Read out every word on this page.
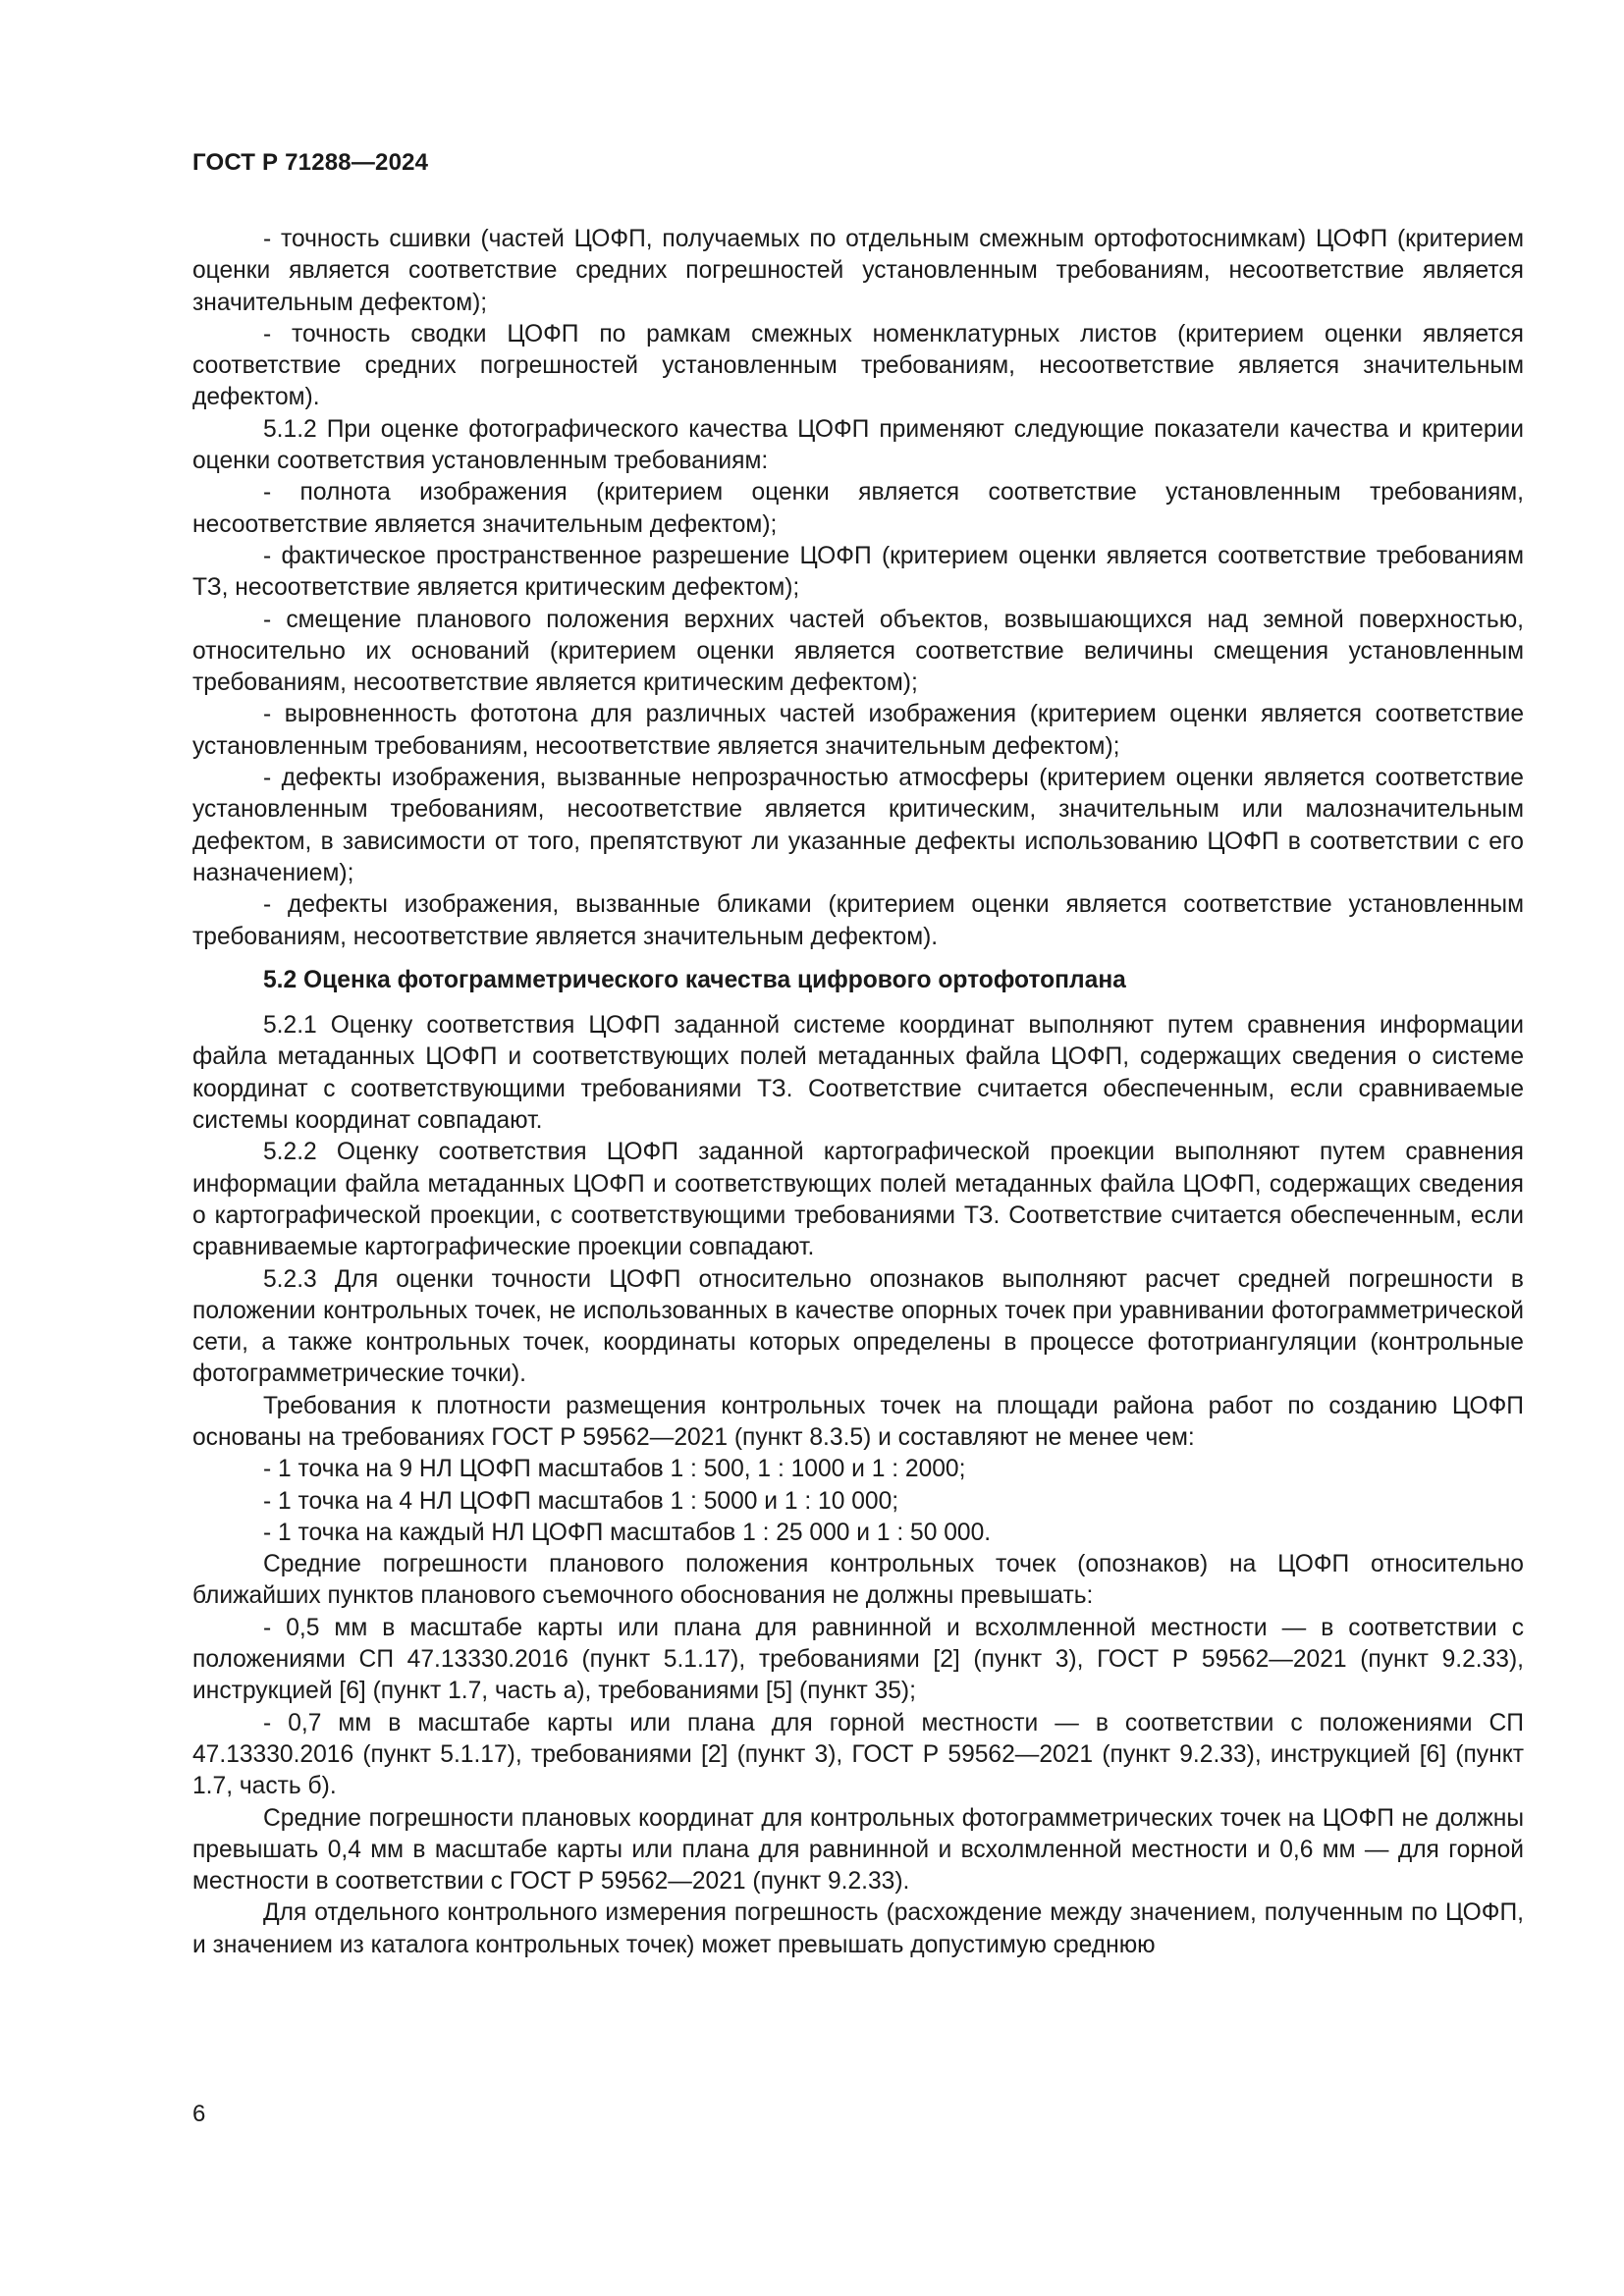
ГОСТ Р 71288—2024

- точность сшивки (частей ЦОФП, получаемых по отдельным смежным ортофотоснимкам) ЦОФП (критерием оценки является соответствие средних погрешностей установленным требованиям, несоответствие является значительным дефектом);

- точность сводки ЦОФП по рамкам смежных номенклатурных листов (критерием оценки является соответствие средних погрешностей установленным требованиям, несоответствие является значительным дефектом).

5.1.2 При оценке фотографического качества ЦОФП применяют следующие показатели качества и критерии оценки соответствия установленным требованиям:

- полнота изображения (критерием оценки является соответствие установленным требованиям, несоответствие является значительным дефектом);

- фактическое пространственное разрешение ЦОФП (критерием оценки является соответствие требованиям ТЗ, несоответствие является критическим дефектом);

- смещение планового положения верхних частей объектов, возвышающихся над земной поверхностью, относительно их оснований (критерием оценки является соответствие величины смещения установленным требованиям, несоответствие является критическим дефектом);

- выровненность фототона для различных частей изображения (критерием оценки является соответствие установленным требованиям, несоответствие является значительным дефектом);

- дефекты изображения, вызванные непрозрачностью атмосферы (критерием оценки является соответствие установленным требованиям, несоответствие является критическим, значительным или малозначительным дефектом, в зависимости от того, препятствуют ли указанные дефекты использованию ЦОФП в соответствии с его назначением);

- дефекты изображения, вызванные бликами (критерием оценки является соответствие установленным требованиям, несоответствие является значительным дефектом).

5.2 Оценка фотограмметрического качества цифрового ортофотоплана

5.2.1 Оценку соответствия ЦОФП заданной системе координат выполняют путем сравнения информации файла метаданных ЦОФП и соответствующих полей метаданных файла ЦОФП, содержащих сведения о системе координат с соответствующими требованиями ТЗ. Соответствие считается обеспеченным, если сравниваемые системы координат совпадают.

5.2.2 Оценку соответствия ЦОФП заданной картографической проекции выполняют путем сравнения информации файла метаданных ЦОФП и соответствующих полей метаданных файла ЦОФП, содержащих сведения о картографической проекции, с соответствующими требованиями ТЗ. Соответствие считается обеспеченным, если сравниваемые картографические проекции совпадают.

5.2.3 Для оценки точности ЦОФП относительно опознаков выполняют расчет средней погрешности в положении контрольных точек, не использованных в качестве опорных точек при уравнивании фотограмметрической сети, а также контрольных точек, координаты которых определены в процессе фототриангуляции (контрольные фотограмметрические точки).

Требования к плотности размещения контрольных точек на площади района работ по созданию ЦОФП основаны на требованиях ГОСТ Р 59562—2021 (пункт 8.3.5) и составляют не менее чем:

- 1 точка на 9 НЛ ЦОФП масштабов 1 : 500, 1 : 1000 и 1 : 2000;

- 1 точка на 4 НЛ ЦОФП масштабов 1 : 5000 и 1 : 10 000;

- 1 точка на каждый НЛ ЦОФП масштабов 1 : 25 000 и 1 : 50 000.

Средние погрешности планового положения контрольных точек (опознаков) на ЦОФП относительно ближайших пунктов планового съемочного обоснования не должны превышать:

- 0,5 мм в масштабе карты или плана для равнинной и всхолмленной местности — в соответствии с положениями СП 47.13330.2016 (пункт 5.1.17), требованиями [2] (пункт 3), ГОСТ Р 59562—2021 (пункт 9.2.33), инструкцией [6] (пункт 1.7, часть а), требованиями [5] (пункт 35);

- 0,7 мм в масштабе карты или плана для горной местности — в соответствии с положениями СП 47.13330.2016 (пункт 5.1.17), требованиями [2] (пункт 3), ГОСТ Р 59562—2021 (пункт 9.2.33), инструкцией [6] (пункт 1.7, часть б).

Средние погрешности плановых координат для контрольных фотограмметрических точек на ЦОФП не должны превышать 0,4 мм в масштабе карты или плана для равнинной и всхолмленной местности и 0,6 мм — для горной местности в соответствии с ГОСТ Р 59562—2021 (пункт 9.2.33).

Для отдельного контрольного измерения погрешность (расхождение между значением, полученным по ЦОФП, и значением из каталога контрольных точек) может превышать допустимую среднюю

6
